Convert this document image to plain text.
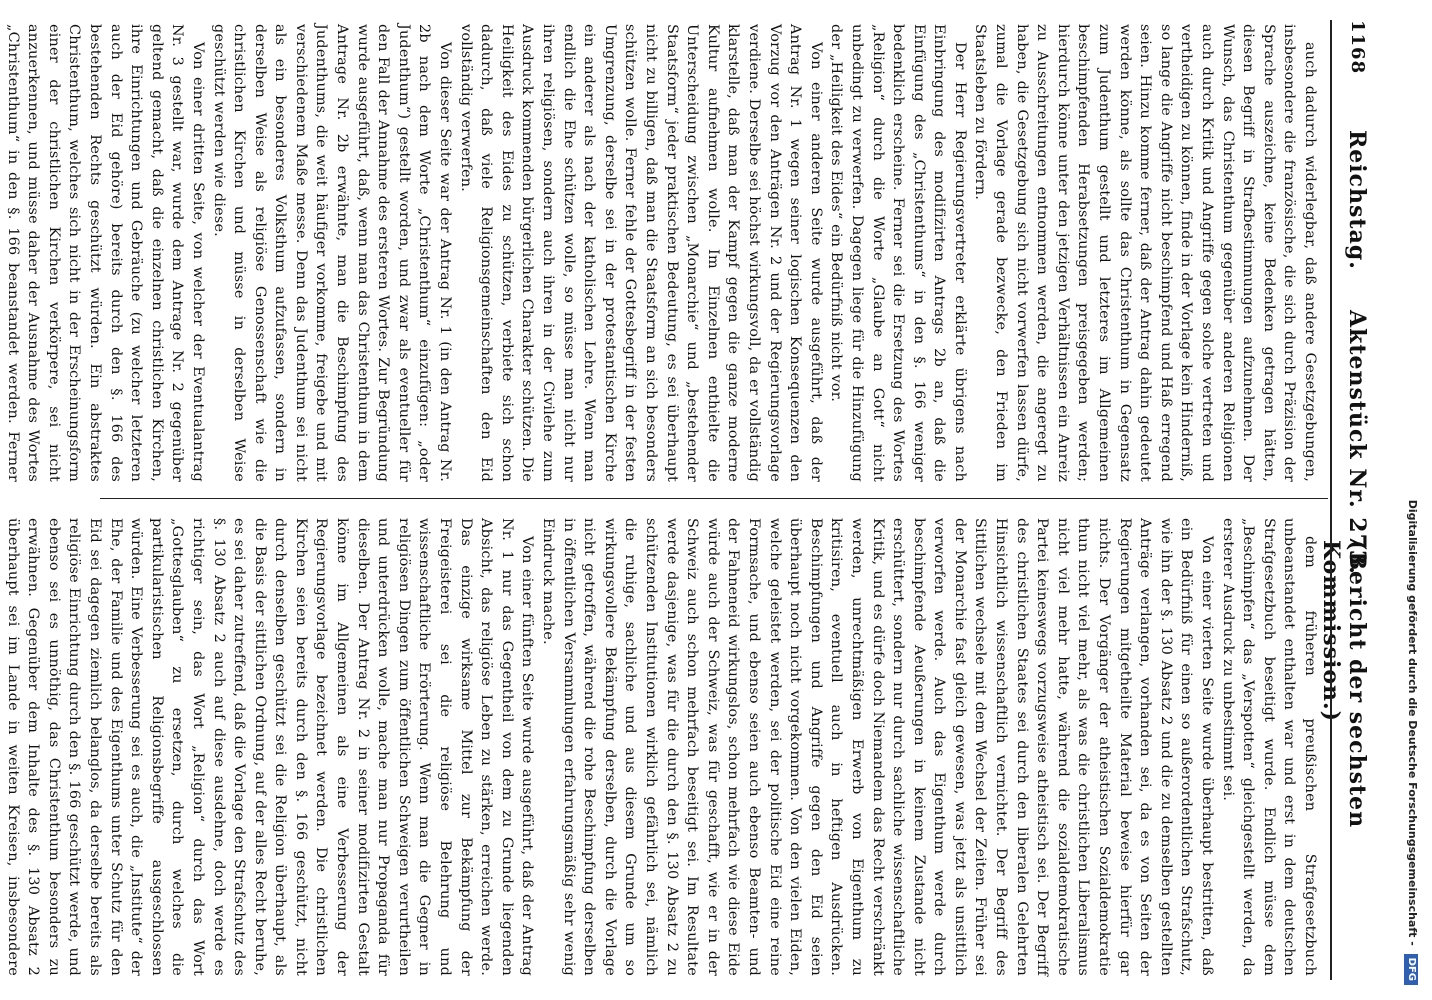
1168
Reichstag.
Aktenstück Nr. 273.
(Bericht der sechsten Kommission.)

auch dadurch widerlegbar, daß andere Gesetzgebungen, insbesondere die französische, die sich durch Präzision der Sprache auszeichne, keine Bedenken getragen hätten, diesen Begriff in Strafbestimmungen aufzunehmen. Der Wunsch, das Christenthum gegenüber anderen Religionen auch durch Kritik und Angriffe gegen solche vertreten und vertheidigen zu können, finde in der Vorlage kein Hinderniß, so lange die Angriffe nicht beschimpfend und Haß erregend seien. Hinzu komme ferner, daß der Antrag dahin gedeutet werden könne, als sollte das Christenthum in Gegensatz zum Judenthum gestellt und letzteres im Allgemeinen beschimpfenden Herabsetzungen preisgegeben werden; hierdurch könne unter den jetzigen Verhältnissen ein Anreiz zu Ausschreitungen entnommen werden, die angeregt zu haben, die Gesetzgebung sich nicht vorwerfen lassen dürfe, zumal die Vorlage gerade bezwecke, den Frieden im Staatsleben zu fördern.

Der Herr Regierungsvertreter erklärte übrigens nach Einbringung des modifizirten Antrags 2b an, daß die Einfügung des „Christenthums“ in den §. 166 weniger bedenklich erscheine. Ferner sei die Ersetzung des Wortes „Religion“ durch die Worte „Glaube an Gott“ nicht unbedingt zu verwerfen. Dagegen liege für die Hinzufügung der „Heiligkeit des Eides“ ein Bedürfniß nicht vor.

Von einer anderen Seite wurde ausgeführt, daß der Antrag Nr. 1 wegen seiner logischen Konsequenzen den Vorzug vor den Anträgen Nr. 2 und der Regierungsvorlage verdiene. Derselbe sei höchst wirkungsvoll, da er vollständig klarstelle, daß man der Kampf gegen die ganze moderne Kultur aufnehmen wolle. Im Einzelnen enthielte die Unterscheidung zwischen „Monarchie“ und „bestehender Staatsform“ jeder praktischen Bedeutung, es sei überhaupt nicht zu billigen, daß man die Staatsform an sich besonders schützen wolle. Ferner fehle der Gottesbegriff in der festen Umgrenzung, derselbe sei in der protestantischen Kirche ein anderer als nach der katholischen Lehre. Wenn man endlich die Ehe schützen wolle, so müsse man nicht nur ihren religiösen, sondern auch ihren in der Civilehe zum Ausdruck kommenden bürgerlichen Charakter schützen. Die Heiligkeit des Eides zu schützen, verbiete sich schon dadurch, daß viele Religionsgemeinschaften den Eid vollständig verwerfen.

Von dieser Seite war der Antrag Nr. 1 (in den Antrag Nr. 2b nach dem Worte „Christenthum“ einzufügen: „oder Judenthum“) gestellt worden, und zwar als eventueller für den Fall der Annahme des ersteren Wortes. Zur Begründung wurde ausgeführt, daß, wenn man das Christenthum in dem Antrage Nr. 2b erwähnte, man die Beschimpfung des Judenthums, die weit häufiger vorkomme, freigebe und mit verschiedenem Maße messe. Denn das Judenthum sei nicht als ein besonderes Volksthum aufzufassen, sondern in derselben Weise als religiöse Genossenschaft wie die christlichen Kirchen und müsse in derselben Weise geschützt werden wie diese.

Von einer dritten Seite, von welcher der Eventualantrag Nr. 3 gestellt war, wurde dem Antrage Nr. 2 gegenüber geltend gemacht, daß die einzelnen christlichen Kirchen, ihre Einrichtungen und Gebräuche (zu welcher letzteren auch der Eid gehöre) bereits durch den §. 166 des bestehenden Rechts geschützt würden. Ein abstraktes Christenthum, welches sich nicht in der Erscheinungsform einer der christlichen Kirchen verkörpere, sei nicht anzuerkennen, und müsse daher der Ausnahme des Wortes „Christenthum“ in den §. 166 beanstandet werden. Ferner

dem früheren preußischen Strafgesetzbuch unbeanstandet enthalten war und erst in dem deutschen Strafgesetzbuch beseitigt wurde. Endlich müsse dem „Beschimpfen“ das „Verspotten“ gleichgestellt werden, da ersterer Ausdruck zu unbestimmt sei.

Von einer vierten Seite wurde überhaupt bestritten, daß ein Bedürfniß für einen so außerordentlichen Strafschutz, wie ihn der §. 130 Absatz 2 und die zu demselben gestellten Anträge verlangen, vorhanden sei, da es von Seiten der Regierungen mitgetheilte Material beweise hierfür gar nichts. Der Vorgänger der atheistischen Sozialdemokratie thun nicht viel mehr, als was die christlichen Liberalismus nicht viel mehr hatte, während die sozialdemokratische Partei keineswegs vorzugsweise atheistisch sei. Der Begriff des christlichen Staates sei durch den liberalen Gelehrten Hinsichtlich wissenschaftlich vernichtet. Der Begriff des Sittlichen wechsele mit dem Wechsel der Zeiten. Früher sei der Monarchie fast gleich gewesen, was jetzt als unsittlich verworfen werde. Auch das Eigenthum werde durch beschimpfende Aeußerungen in keinem Zustande nicht erschüttert, sondern nur durch sachliche wissenschaftliche Kritik, und es dürfe doch Niemandem das Recht verschränkt werden, unrechtmäßigen Erwerb von Eigenthum zu kritisiren, eventuell auch in heftigen Ausdrücken. Beschimpfungen und Angriffe gegen den Eid seien überhaupt noch nicht vorgekommen. Von den vielen Eiden, welche geleistet werden, sei der politische Eid eine reine Formsache, und ebenso seien auch ebenso Beamten- und der Fahneneid wirkungslos, schon mehrfach wie diese Eide würde auch der Schweiz, was für geschafft, wie er in der Schweiz auch schon mehrfach beseitigt sei. Im Resultate werde dasjenige, was für die durch den §. 130 Absatz 2 zu schützenden Institutionen wirklich gefährlich sei, nämlich die ruhige, sachliche und aus diesem Grunde um so wirkungsvollere Bekämpfung derselben, durch die Vorlage nicht getroffen, während die rohe Beschimpfung derselben in öffentlichen Versammlungen erfahrungsmäßig sehr wenig Eindruck mache.

Von einer fünften Seite wurde ausgeführt, daß der Antrag Nr. 1 nur das Gegentheil von dem zu Grunde liegenden Absicht, das religiöse Leben zu stärken, erreichen werde. Das einzige wirksame Mittel zur Bekämpfung der Freigeisterei sei die religiöse Belehrung und wissenschaftliche Erörterung. Wenn man die Gegner in religiösen Dingen zum öffentlichen Schweigen verurtheilen und unterdrücken wolle, mache man nur Propaganda für dieselben. Der Antrag Nr. 2 in seiner modifizirten Gestalt könne im Allgemeinen als eine Verbesserung der Regierungsvorlage bezeichnet werden. Die christlichen Kirchen seien bereits durch den §. 166 geschützt, nicht durch denselben geschützt sei die Religion überhaupt, als die Basis der sittlichen Ordnung, auf der alles Recht beruhe, es sei daher zutreffend, daß die Vorlage den Strafschutz des §. 130 Absatz 2 auch auf diese ausdehne, doch werde es richtiger sein, das Wort „Religion“ durch das Wort „Gottesglauben“ zu ersetzen, durch welches die partikularistischen Religionsbegriffe ausgeschlossen würden. Eine Verbesserung sei es auch, die „Institute“ der Ehe, der Familie und des Eigenthums unter Schutz für den Eid sei dagegen ziemlich belanglos, da derselbe bereits als religiöse Einrichtung durch den §. 166 geschützt werde, und ebenso sei es unnöthig, das Christenthum besonders zu erwähnen. Gegenüber dem Inhalte des §. 130 Absatz 2 überhaupt sei im Lande in weiten Kreisen, insbesondere	Digitalisierung gefördert durch die Deutsche Forschungsgemeinschaft - DFG
